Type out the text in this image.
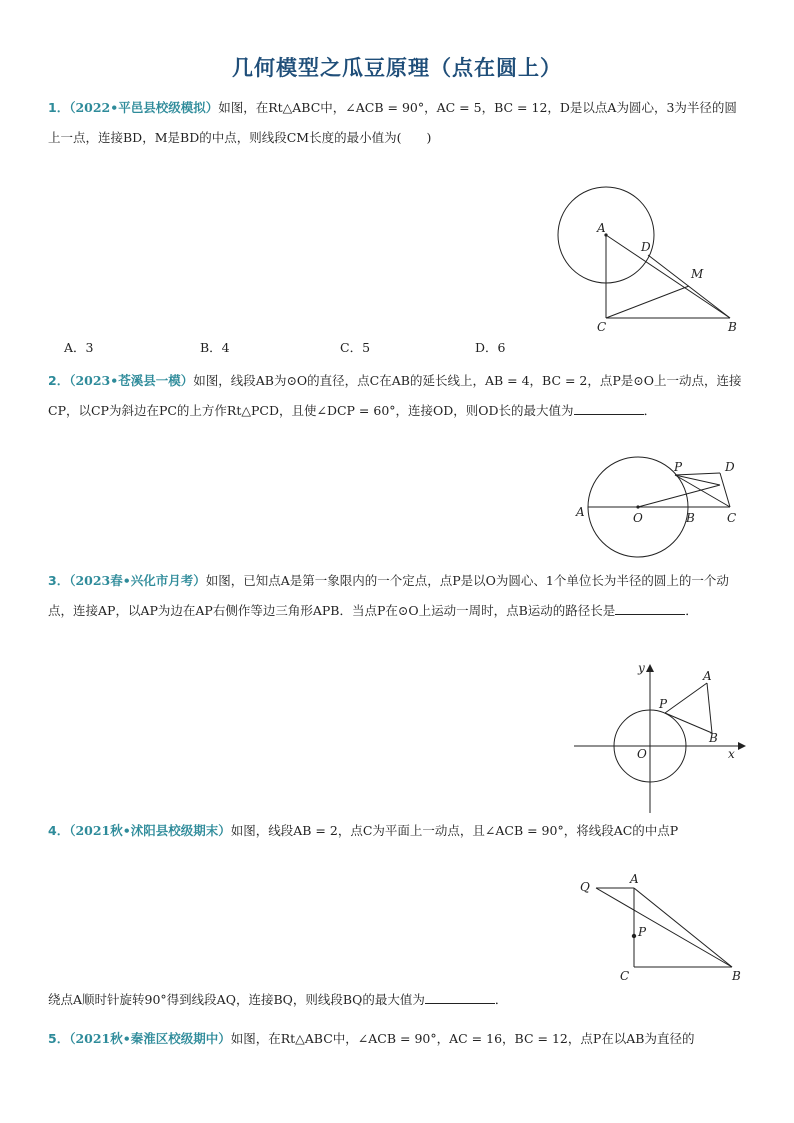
几何模型之瓜豆原理（点在圆上）
1．（2022•平邑县校级模拟）如图，在Rt△ABC中，∠ACB = 90°，AC = 5，BC = 12，D是以点A为圆心，3为半径的圆上一点，连接BD，M是BD的中点，则线段CM长度的最小值为(　　)
A
D
M
C	B
A．3	B．4	C．5	D．6
2．（2023•苍溪县一模）如图，线段AB为⊙O的直径，点C在AB的延长线上，AB = 4，BC = 2，点P是⊙O上一动点，连接CP，以CP为斜边在PC的上方作Rt△PCD，且使∠DCP = 60°，连接OD，则OD长的最大值为	．
P	D
A	O	B	C
3．（2023春•兴化市月考）如图，已知点A是第一象限内的一个定点，点P是以O为圆心、1个单位长为半径的圆上的一个动点，连接AP，以AP为边在AP右侧作等边三角形APB．当点P在⊙O上运动一周时，点B运动的路径长是	．
y
A
P
B
O	x
4．（2021秋•沭阳县校级期末）如图，线段AB = 2，点C为平面上一动点，且∠ACB = 90°，将线段AC的中点P
Q
A
P
C	B
绕点A顺时针旋转90°得到线段AQ，连接BQ，则线段BQ的最大值为	．
5．（2021秋•秦淮区校级期中）如图，在Rt△ABC中，∠ACB = 90°，AC = 16，BC = 12，点P在以AB为直径的
